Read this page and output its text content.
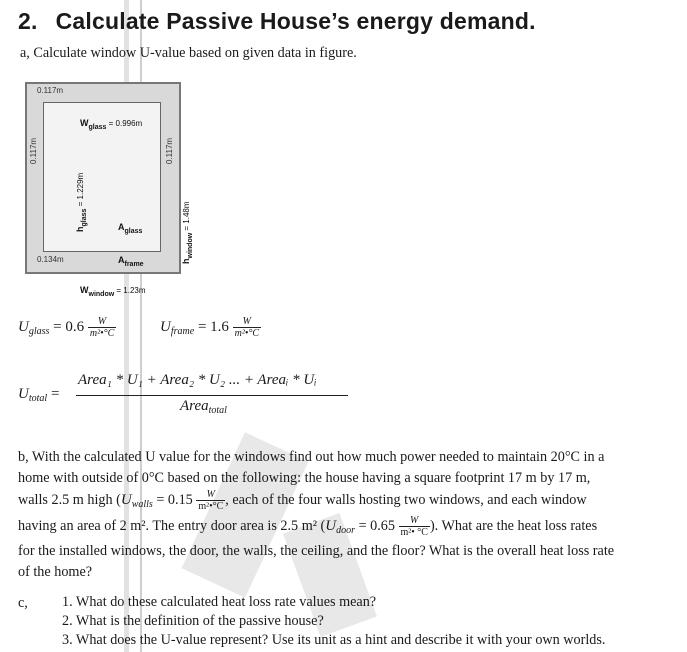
2. Calculate Passive House’s energy demand.
a, Calculate window U-value based on given data in figure.
0.117m
0.117m	0.117m
0.134m
$W_{glass} = 0.996m$
$h_{glass} = 1.229m$
$A_{glass}$
$A_{frame}$	$h_{window} = 1.48m$
$W_{window} = 1.23m$
$U_{glass} = 0.6 \frac{W}{\text{m²•°C}}$	$U_{frame} = 1.6 \frac{W}{\text{m²•°C}}$
$U_{total}$ =
Area₁ * U₁ + Area₂ * U₂ ... + Areaᵢ * Uᵢ
Area$_{total}$
b, With the calculated U value for the windows find out how much power needed to maintain 20°C in a
home with outside of 0°C based on the following: the house having a square footprint 17 m by 17 m,
walls 2.5 m high ($U_{walls} = 0.15 \frac{W}{\text{m²•°C}}$ , each of the four walls hosting two windows, and each window
having an area of 2 m². The entry door area is 2.5 m² ($U_{door} = 0.65 \frac{W}{\text{m²• °C}}$ ). What are the heat loss rates
for the installed windows, the door, the walls, the ceiling, and the floor? What is the overall heat loss rate
of the home?
c, 1. What do these calculated heat loss rate values mean?
2. What is the definition of the passive house?
3. What does the U-value represent? Use its unit as a hint and describe it with your own worlds.
